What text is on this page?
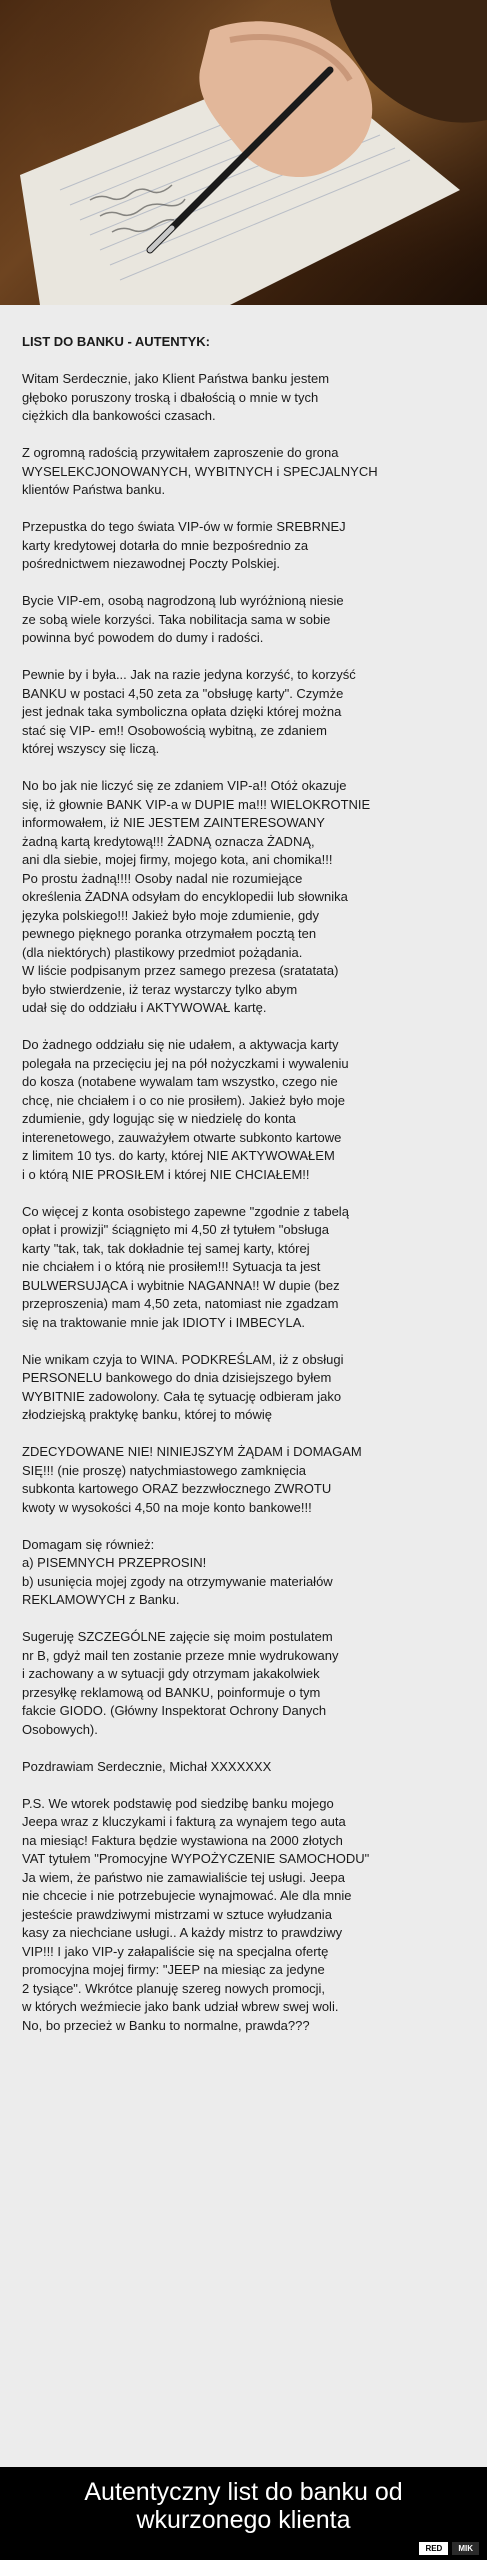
LIST DO BANKU - AUTENTYK:
Witam Serdecznie, jako Klient Państwa banku jestem
głęboko poruszony troską i dbałością o mnie w tych
ciężkich dla bankowości czasach.
Z ogromną radością przywitałem zaproszenie do grona
WYSELEKCJONOWANYCH, WYBITNYCH i SPECJALNYCH
klientów Państwa banku.
Przepustka do tego świata VIP-ów w formie SREBRNEJ
karty kredytowej dotarła do mnie bezpośrednio za
pośrednictwem niezawodnej Poczty Polskiej.
Bycie VIP-em, osobą nagrodzoną lub wyróżnioną niesie
ze sobą wiele korzyści. Taka nobilitacja sama w sobie
powinna być powodem do dumy i radości.
Pewnie by i była... Jak na razie jedyna korzyść, to korzyść
BANKU w postaci 4,50 zeta za "obsługę karty". Czymże
jest jednak taka symboliczna opłata dzięki której można
stać się VIP- em!! Osobowością wybitną, ze zdaniem
której wszyscy się liczą.
No bo jak nie liczyć się ze zdaniem VIP-a!! Otóż okazuje
się, iż głownie BANK VIP-a w DUPIE ma!!! WIELOKROTNIE
informowałem, iż NIE JESTEM ZAINTERESOWANY
żadną kartą kredytową!!! ŻADNĄ oznacza ŻADNĄ,
ani dla siebie, mojej firmy, mojego kota, ani chomika!!!
Po prostu żadną!!!! Osoby nadal nie rozumiejące
określenia ŻADNA odsyłam do encyklopedii lub słownika
języka polskiego!!! Jakież było moje zdumienie, gdy
pewnego pięknego poranka otrzymałem pocztą ten
(dla niektórych) plastikowy przedmiot pożądania.
W liście podpisanym przez samego prezesa (sratatata)
było stwierdzenie, iż teraz wystarczy tylko abym
udał się do oddziału i AKTYWOWAŁ kartę.
Do żadnego oddziału się nie udałem, a aktywacja karty
polegała na przecięciu jej na pół nożyczkami i wywaleniu
do kosza (notabene wywalam tam wszystko, czego nie
chcę, nie chciałem i o co nie prosiłem). Jakież było moje
zdumienie, gdy logując się w niedzielę do konta
interenetowego, zauważyłem otwarte subkonto kartowe
z limitem 10 tys. do karty, której NIE AKTYWOWAŁEM
i o którą NIE PROSIŁEM i której NIE CHCIAŁEM!!
Co więcej z konta osobistego zapewne "zgodnie z tabelą
opłat i prowizji" ściągnięto mi 4,50 zł tytułem "obsługa
karty "tak, tak, tak dokładnie tej samej karty, której
nie chciałem i o którą nie prosiłem!!! Sytuacja ta jest
BULWERSUJĄCA i wybitnie NAGANNA!! W dupie (bez
przeproszenia) mam 4,50 zeta, natomiast nie zgadzam
się na traktowanie mnie jak IDIOTY i IMBECYLA.
Nie wnikam czyja to WINA. PODKREŚLAM, iż z obsługi
PERSONELU bankowego do dnia dzisiejszego byłem
WYBITNIE zadowolony. Cała tę sytuację odbieram jako
złodziejską praktykę banku, której to mówię
ZDECYDOWANE NIE! NINIEJSZYM ŻĄDAM i DOMAGAM
SIĘ!!! (nie proszę) natychmiastowego zamknięcia
subkonta kartowego ORAZ bezzwłocznego ZWROTU
kwoty w wysokości 4,50 na moje konto bankowe!!!
Domagam się również:
a) PISEMNYCH PRZEPROSIN!
b) usunięcia mojej zgody na otrzymywanie materiałów
REKLAMOWYCH z Banku.
Sugeruję SZCZEGÓLNE zajęcie się moim postulatem
nr B, gdyż mail ten zostanie przeze mnie wydrukowany
i zachowany a w sytuacji gdy otrzymam jakakolwiek
przesyłkę reklamową od BANKU, poinformuje o tym
fakcie GIODO. (Główny Inspektorat Ochrony Danych
Osobowych).
Pozdrawiam Serdecznie, Michał XXXXXXX
P.S. We wtorek podstawię pod siedzibę banku mojego
Jeepa wraz z kluczykami i fakturą za wynajem tego auta
na miesiąc! Faktura będzie wystawiona na 2000 złotych
VAT tytułem "Promocyjne WYPOŻYCZENIE SAMOCHODU"
Ja wiem, że państwo nie zamawialiście tej usługi. Jeepa
nie chcecie i nie potrzebujecie wynajmować. Ale dla mnie
jesteście prawdziwymi mistrzami w sztuce wyłudzania
kasy za niechciane usługi.. A każdy mistrz to prawdziwy
VIP!!! I jako VIP-y załapaliście się na specjalna ofertę
promocyjna mojej firmy: "JEEP na miesiąc za jedyne
2 tysiące". Wkrótce planuję szereg nowych promocji,
w których weźmiecie jako bank udział wbrew swej woli.
No, bo przecież w Banku to normalne, prawda???
Autentyczny list do banku od
wkurzonego klienta
RED	MIK
